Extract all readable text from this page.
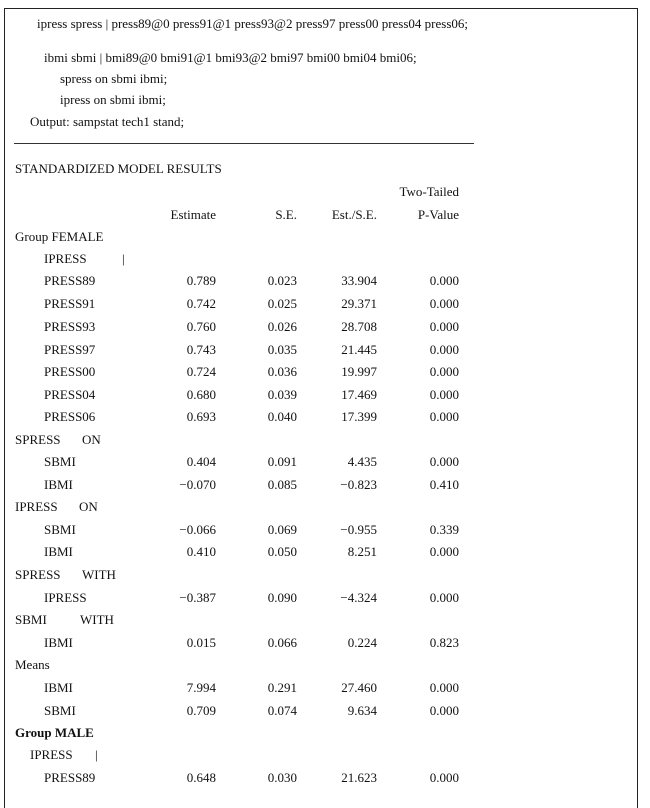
ipress spress | press89@0 press91@1 press93@2 press97 press00 press04 press06;
ibmi sbmi | bmi89@0 bmi91@1 bmi93@2 bmi97 bmi00 bmi04 bmi06;
spress on sbmi ibmi;
ipress on sbmi ibmi;
Output: sampstat tech1 stand;
STANDARDIZED MODEL RESULTS
Two-Tailed
Estimate	S.E.	Est./S.E.	P-Value
Group FEMALE
IPRESS	|
PRESS89	0.789	0.023	33.904	0.000
PRESS91	0.742	0.025	29.371	0.000
PRESS93	0.760	0.026	28.708	0.000
PRESS97	0.743	0.035	21.445	0.000
PRESS00	0.724	0.036	19.997	0.000
PRESS04	0.680	0.039	17.469	0.000
PRESS06	0.693	0.040	17.399	0.000
SPRESS ON
SBMI	0.404	0.091	4.435	0.000
IBMI	−0.070	0.085	−0.823	0.410
IPRESS ON
SBMI	−0.066	0.069	−0.955	0.339
IBMI	0.410	0.050	8.251	0.000
SPRESS WITH
IPRESS	−0.387	0.090	−4.324	0.000
SBMI	WITH
IBMI	0.015	0.066	0.224	0.823
Means
IBMI	7.994	0.291	27.460	0.000
SBMI	0.709	0.074	9.634	0.000
Group MALE
IPRESS |
PRESS89	0.648	0.030	21.623	0.000
